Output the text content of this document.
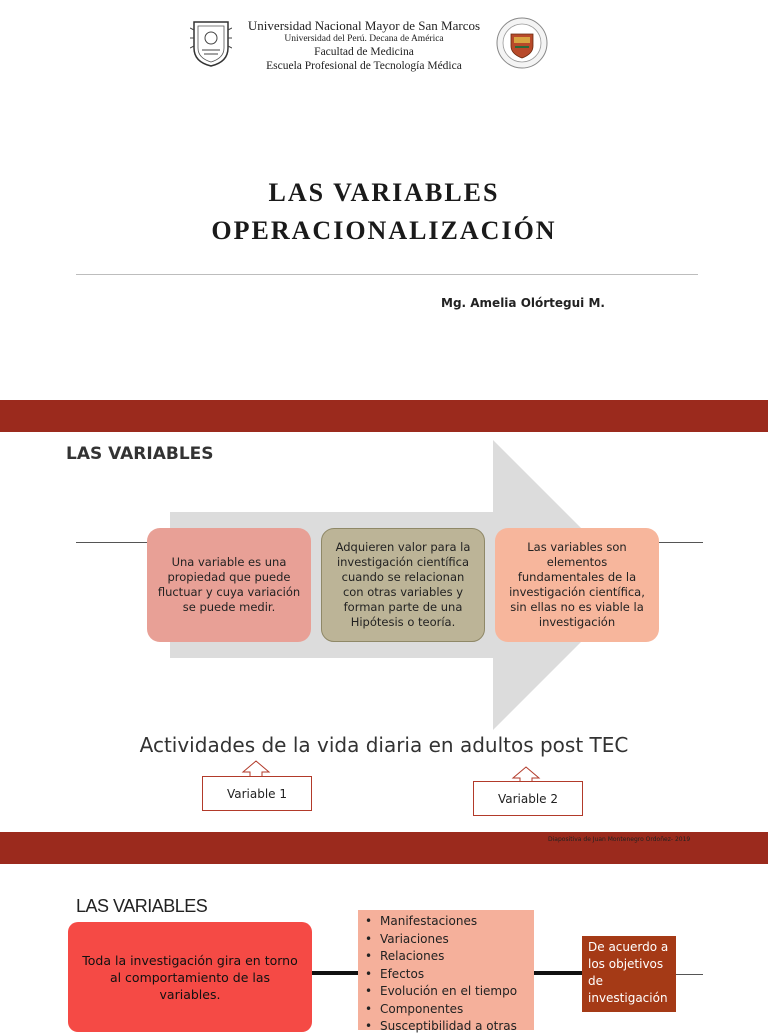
Universidad Nacional Mayor de San Marcos
Universidad del Perú. Decana de América
Facultad de Medicina
Escuela Profesional de Tecnología Médica
LAS VARIABLES
OPERACIONALIZACIÓN
Mg. Amelia Olórtegui M.
LAS VARIABLES
Una variable es una propiedad que puede fluctuar y cuya variación se puede medir.
Adquieren valor para la investigación científica cuando se relacionan con otras variables y forman parte de una Hipótesis o teoría.
Las variables son elementos fundamentales de la investigación científica, sin ellas no es viable la investigación
Actividades de la vida diaria en adultos post TEC
Variable 1	Variable 2
Diapositiva de Juan Montenegro Ordoñez- 2019
LAS VARIABLES
Toda la investigación gira en torno al comportamiento de las variables.
• Manifestaciones
• Variaciones
• Relaciones
• Efectos
• Evolución en el tiempo
• Componentes
• Susceptibilidad a otras
De acuerdo a los objetivos de investigación
